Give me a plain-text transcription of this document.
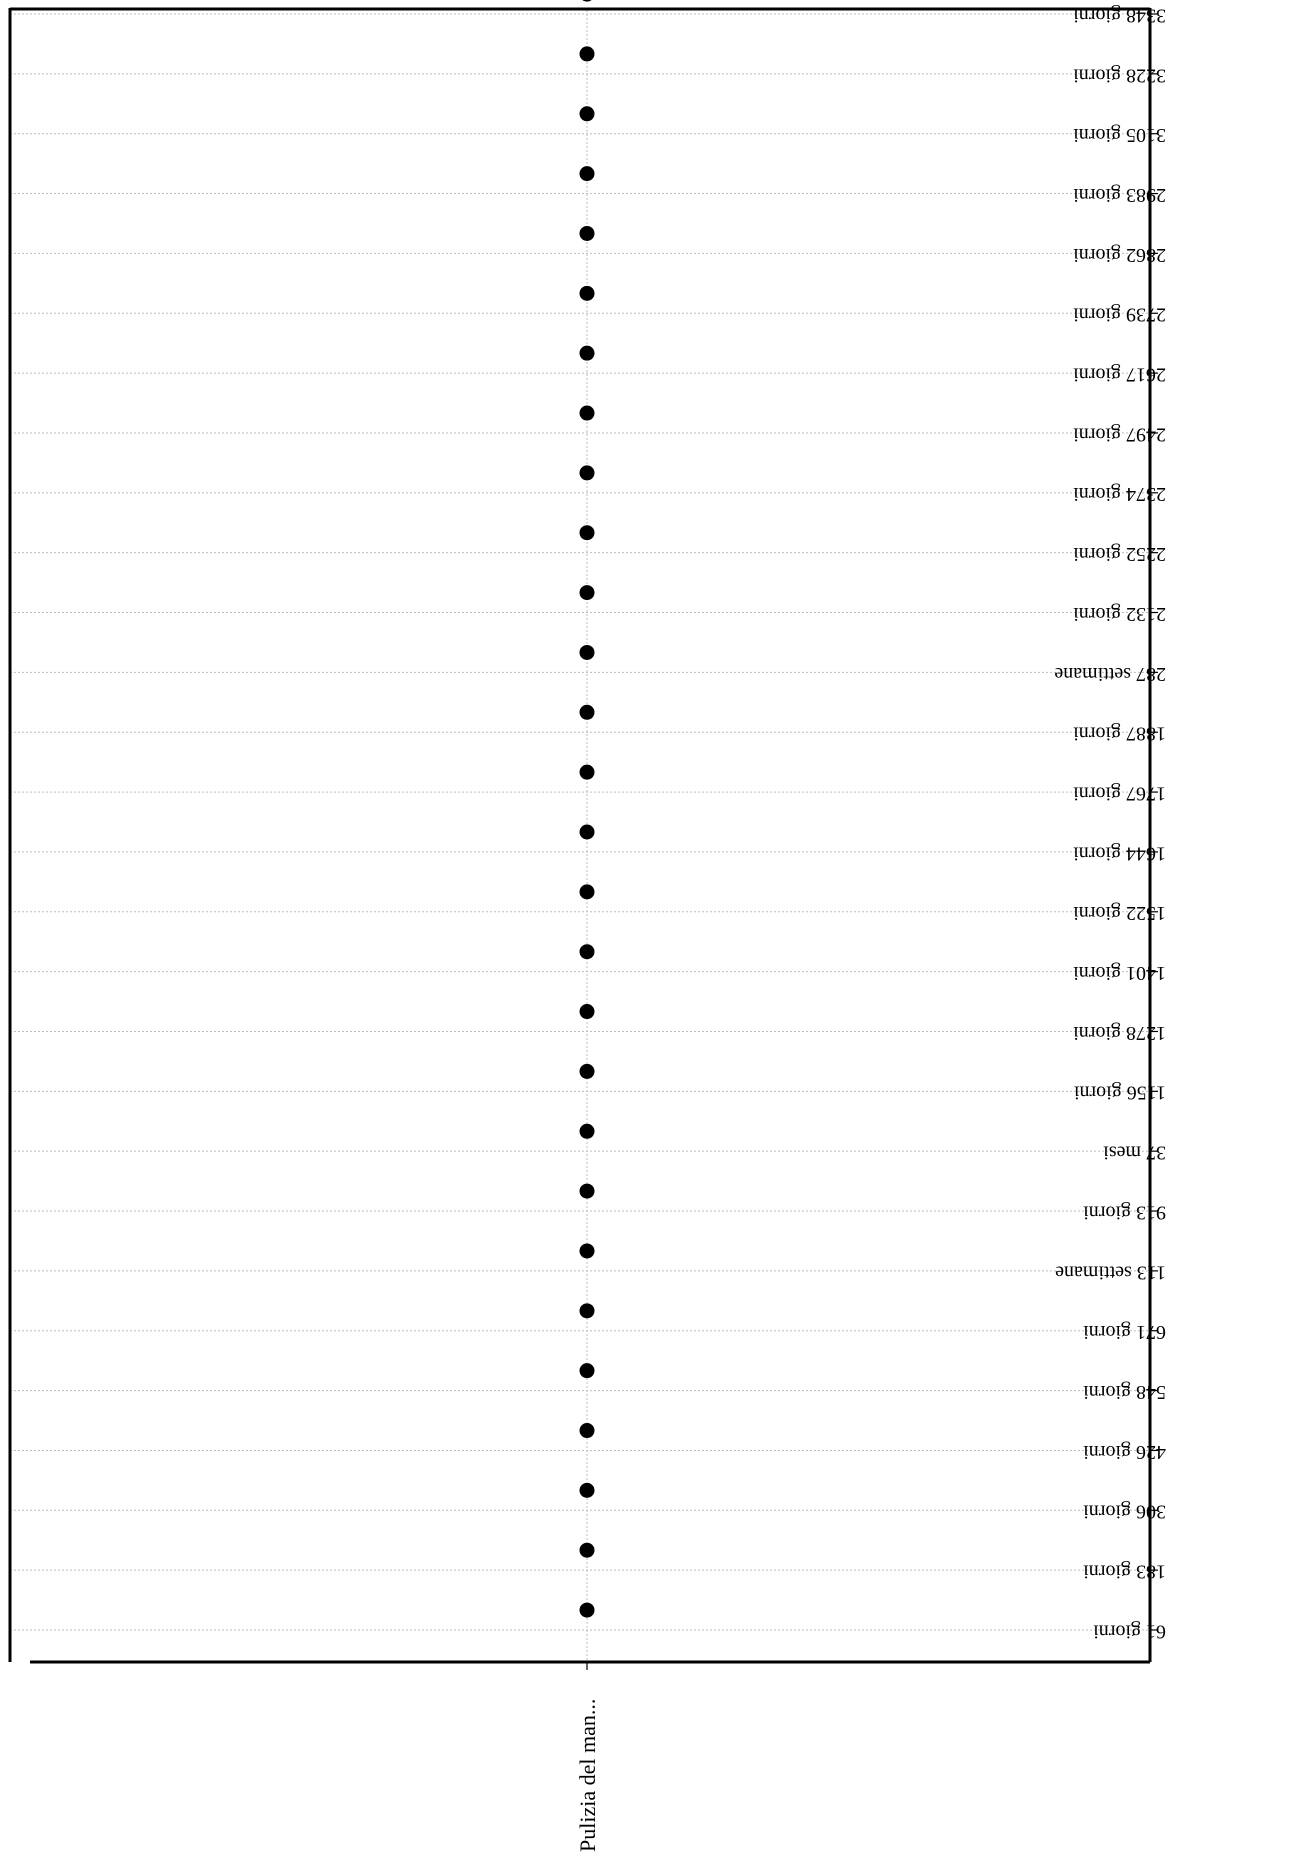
61 giorni
183 giorni
306 giorni
426 giorni
548 giorni
671 giorni
113 settimane
913 giorni
37 mesi
1156 giorni
1278 giorni
1401 giorni
1522 giorni
1644 giorni
1767 giorni
1887 giorni
287 settimane
2132 giorni
2252 giorni
2374 giorni
2497 giorni
2617 giorni
2739 giorni
2862 giorni
2983 giorni
3105 giorni
3228 giorni
3348 giorni
Pulizia del man...
